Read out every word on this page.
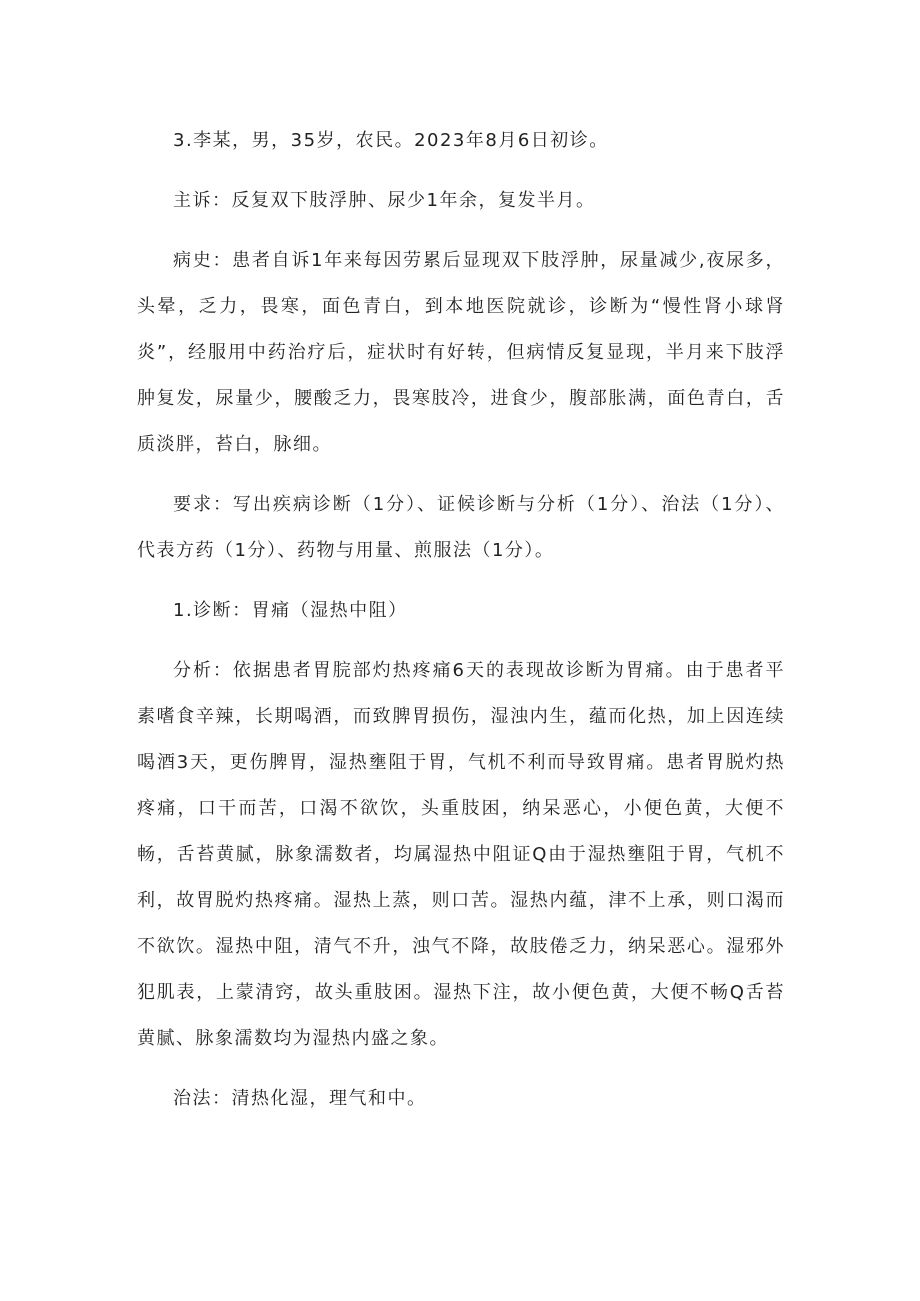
3.李某，男，35岁，农民。2023年8月6日初诊。

主诉：反复双下肢浮肿、尿少1年余，复发半月。

病史：患者自诉1年来每因劳累后显现双下肢浮肿，尿量减少,夜尿多，头晕，乏力，畏寒，面色青白，到本地医院就诊，诊断为“慢性肾小球肾炎”，经服用中药治疗后，症状时有好转，但病情反复显现，半月来下肢浮肿复发，尿量少，腰酸乏力，畏寒肢冷，进食少，腹部胀满，面色青白，舌质淡胖，苔白，脉细。

要求：写出疾病诊断（1分）、证候诊断与分析（1分）、治法（1分）、代表方药（1分）、药物与用量、煎服法（1分）。

1.诊断：胃痛（湿热中阻）

分析：依据患者胃脘部灼热疼痛6天的表现故诊断为胃痛。由于患者平素嗜食辛辣，长期喝酒，而致脾胃损伤，湿浊内生，蕴而化热，加上因连续喝酒3天，更伤脾胃，湿热壅阻于胃，气机不利而导致胃痛。患者胃脱灼热疼痛，口干而苦，口渴不欲饮，头重肢困，纳呆恶心，小便色黄，大便不畅，舌苔黄腻，脉象濡数者，均属湿热中阻证Q由于湿热壅阻于胃，气机不利，故胃脱灼热疼痛。湿热上蒸，则口苦。湿热内蕴，津不上承，则口渴而不欲饮。湿热中阻，清气不升，浊气不降，故肢倦乏力，纳呆恶心。湿邪外犯肌表，上蒙清窍，故头重肢困。湿热下注，故小便色黄，大便不畅Q舌苔黄腻、脉象濡数均为湿热内盛之象。

治法：清热化湿，理气和中。
